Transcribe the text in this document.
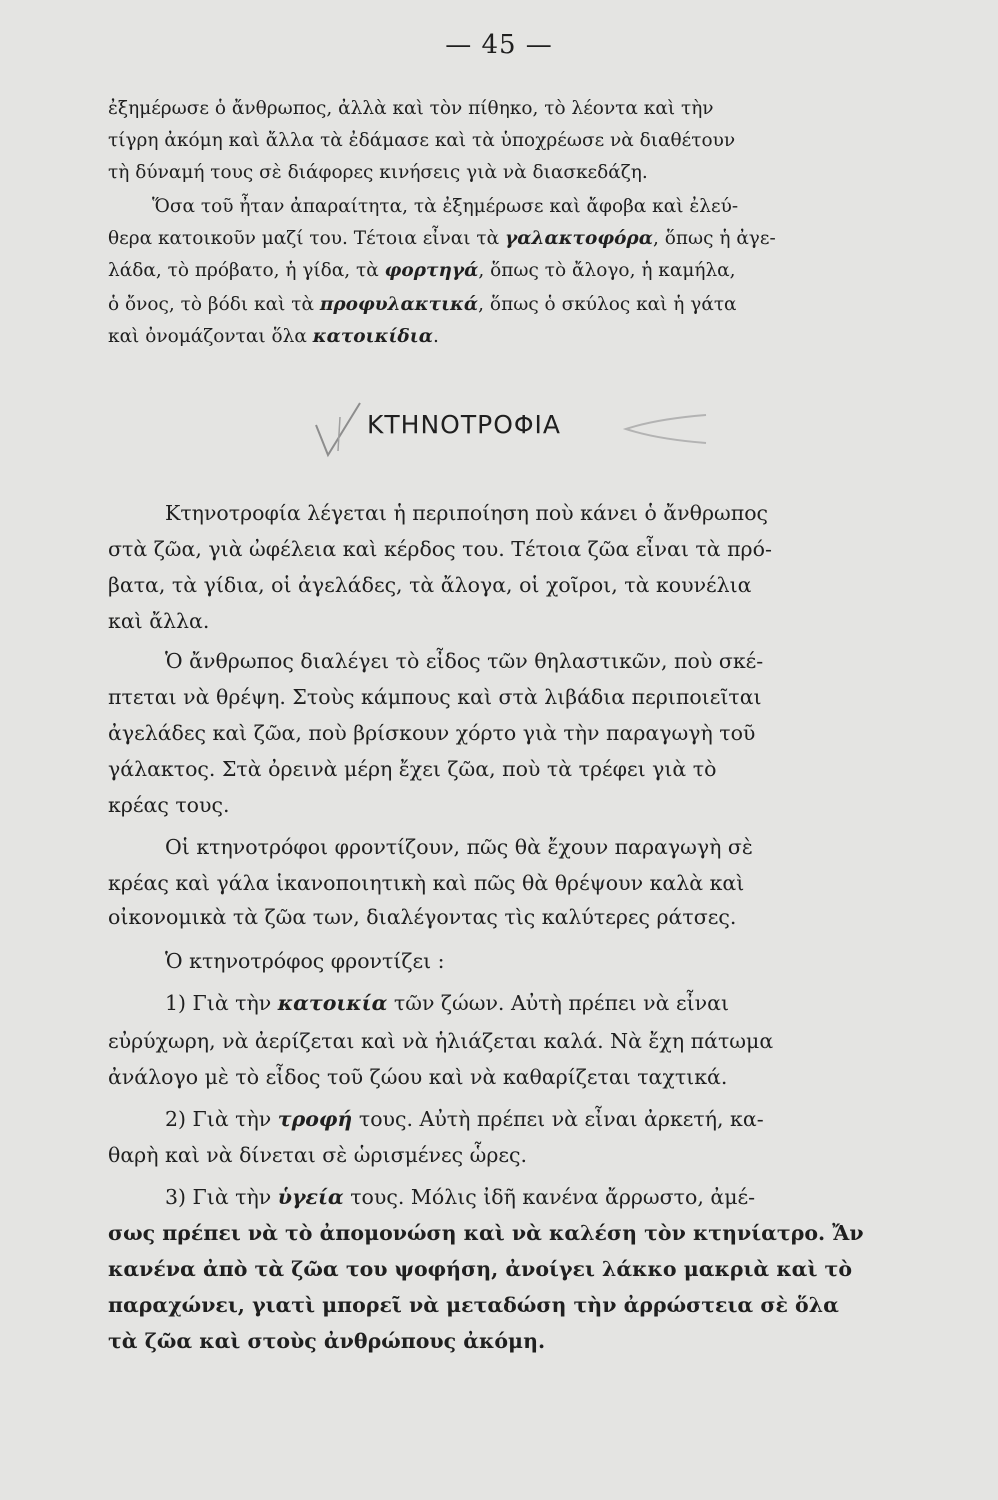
— 45 —
ἐξημέρωσε ὁ ἄνθρωπος, ἀλλὰ καὶ τὸν πίθηκο, τὸ λέοντα καὶ τὴν
τίγρη ἀκόμη καὶ ἄλλα τὰ ἐδάμασε καὶ τὰ ὑποχρέωσε νὰ διαθέτουν
τὴ δύναμή τους σὲ διάφορες κινήσεις γιὰ νὰ διασκεδάζη.
Ὅσα τοῦ ἦταν ἀπαραίτητα, τὰ ἐξημέρωσε καὶ ἄφοβα καὶ ἐλεύ-
θερα κατοικοῦν μαζί του. Τέτοια εἶναι τὰ γαλακτοφόρα, ὅπως ἡ ἀγε-
λάδα, τὸ πρόβατο, ἡ γίδα, τὰ φορτηγά, ὅπως τὸ ἄλογο, ἡ καμήλα,
ὁ ὄνος, τὸ βόδι καὶ τὰ προφυλακτικά, ὅπως ὁ σκύλος καὶ ἡ γάτα
καὶ ὀνομάζονται ὅλα κατοικίδια.
ΚΤΗΝΟΤΡΟΦΙΑ
Κτηνοτροφία λέγεται ἡ περιποίηση ποὺ κάνει ὁ ἄνθρωπος
στὰ ζῶα, γιὰ ὠφέλεια καὶ κέρδος του. Τέτοια ζῶα εἶναι τὰ πρό-
βατα, τὰ γίδια, οἱ ἀγελάδες, τὰ ἄλογα, οἱ χοῖροι, τὰ κουνέλια
καὶ ἄλλα.
Ὁ ἄνθρωπος διαλέγει τὸ εἶδος τῶν θηλαστικῶν, ποὺ σκέ-
πτεται νὰ θρέψη. Στοὺς κάμπους καὶ στὰ λιβάδια περιποιεῖται
ἀγελάδες καὶ ζῶα, ποὺ βρίσκουν χόρτο γιὰ τὴν παραγωγὴ τοῦ
γάλακτος. Στὰ ὀρεινὰ μέρη ἔχει ζῶα, ποὺ τὰ τρέφει γιὰ τὸ
κρέας τους.
Οἱ κτηνοτρόφοι φροντίζουν, πῶς θὰ ἔχουν παραγωγὴ σὲ
κρέας καὶ γάλα ἱκανοποιητικὴ καὶ πῶς θὰ θρέψουν καλὰ καὶ
οἰκονομικὰ τὰ ζῶα των, διαλέγοντας τὶς καλύτερες ράτσες.
Ὁ κτηνοτρόφος φροντίζει :
1) Γιὰ τὴν κατοικία τῶν ζώων. Αὐτὴ πρέπει νὰ εἶναι
εὐρύχωρη, νὰ ἀερίζεται καὶ νὰ ἡλιάζεται καλά. Νὰ ἔχη πάτωμα
ἀνάλογο μὲ τὸ εἶδος τοῦ ζώου καὶ νὰ καθαρίζεται ταχτικά.
2) Γιὰ τὴν τροφή τους. Αὐτὴ πρέπει νὰ εἶναι ἀρκετή, κα-
θαρὴ καὶ νὰ δίνεται σὲ ὡρισμένες ὧρες.
3) Γιὰ τὴν ὑγεία τους. Μόλις ἰδῆ κανένα ἄρρωστο, ἀμέ-
σως πρέπει νὰ τὸ ἀπομονώση καὶ νὰ καλέση τὸν κτηνίατρο. Ἄν
κανένα ἀπὸ τὰ ζῶα του ψοφήση, ἀνοίγει λάκκο μακριὰ καὶ τὸ
παραχώνει, γιατὶ μπορεῖ νὰ μεταδώση τὴν ἀρρώστεια σὲ ὅλα
τὰ ζῶα καὶ στοὺς ἀνθρώπους ἀκόμη.
